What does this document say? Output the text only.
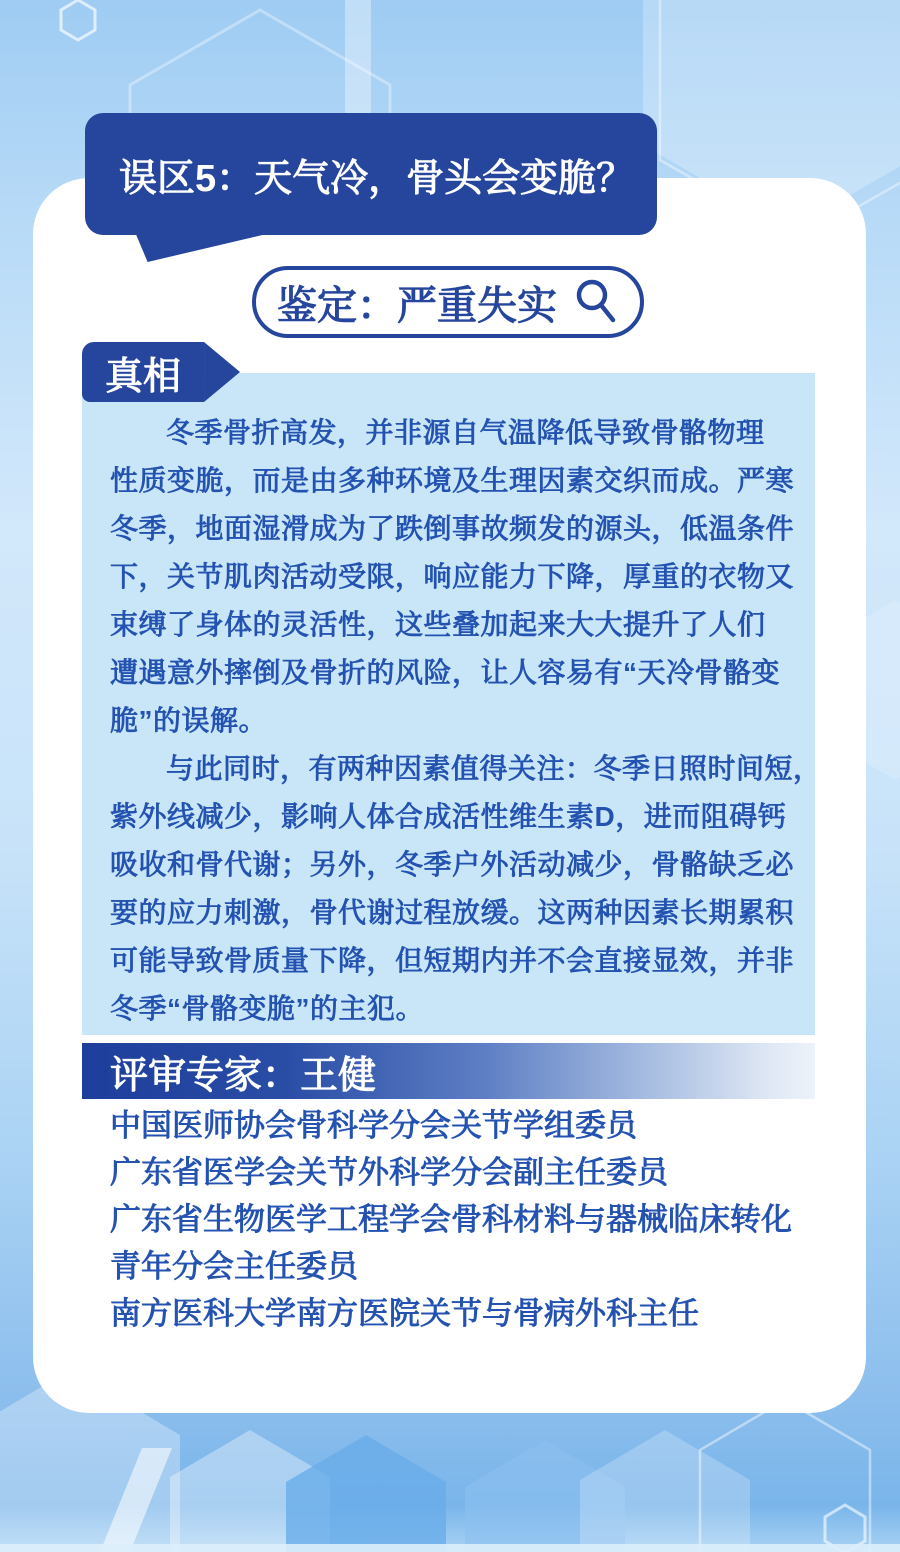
误区5：天气冷，骨头会变脆？
鉴定：严重失实
真相
冬季骨折高发，并非源自气温降低导致骨骼物理
性质变脆，而是由多种环境及生理因素交织而成。严寒
冬季，地面湿滑成为了跌倒事故频发的源头，低温条件
下，关节肌肉活动受限，响应能力下降，厚重的衣物又
束缚了身体的灵活性，这些叠加起来大大提升了人们
遭遇意外摔倒及骨折的风险，让人容易有“天冷骨骼变
脆”的误解。
与此同时，有两种因素值得关注：冬季日照时间短，
紫外线减少，影响人体合成活性维生素D，进而阻碍钙
吸收和骨代谢；另外，冬季户外活动减少，骨骼缺乏必
要的应力刺激，骨代谢过程放缓。这两种因素长期累积
可能导致骨质量下降，但短期内并不会直接显效，并非
冬季“骨骼变脆”的主犯。
评审专家：王健
中国医师协会骨科学分会关节学组委员
广东省医学会关节外科学分会副主任委员
广东省生物医学工程学会骨科材料与器械临床转化
青年分会主任委员
南方医科大学南方医院关节与骨病外科主任
